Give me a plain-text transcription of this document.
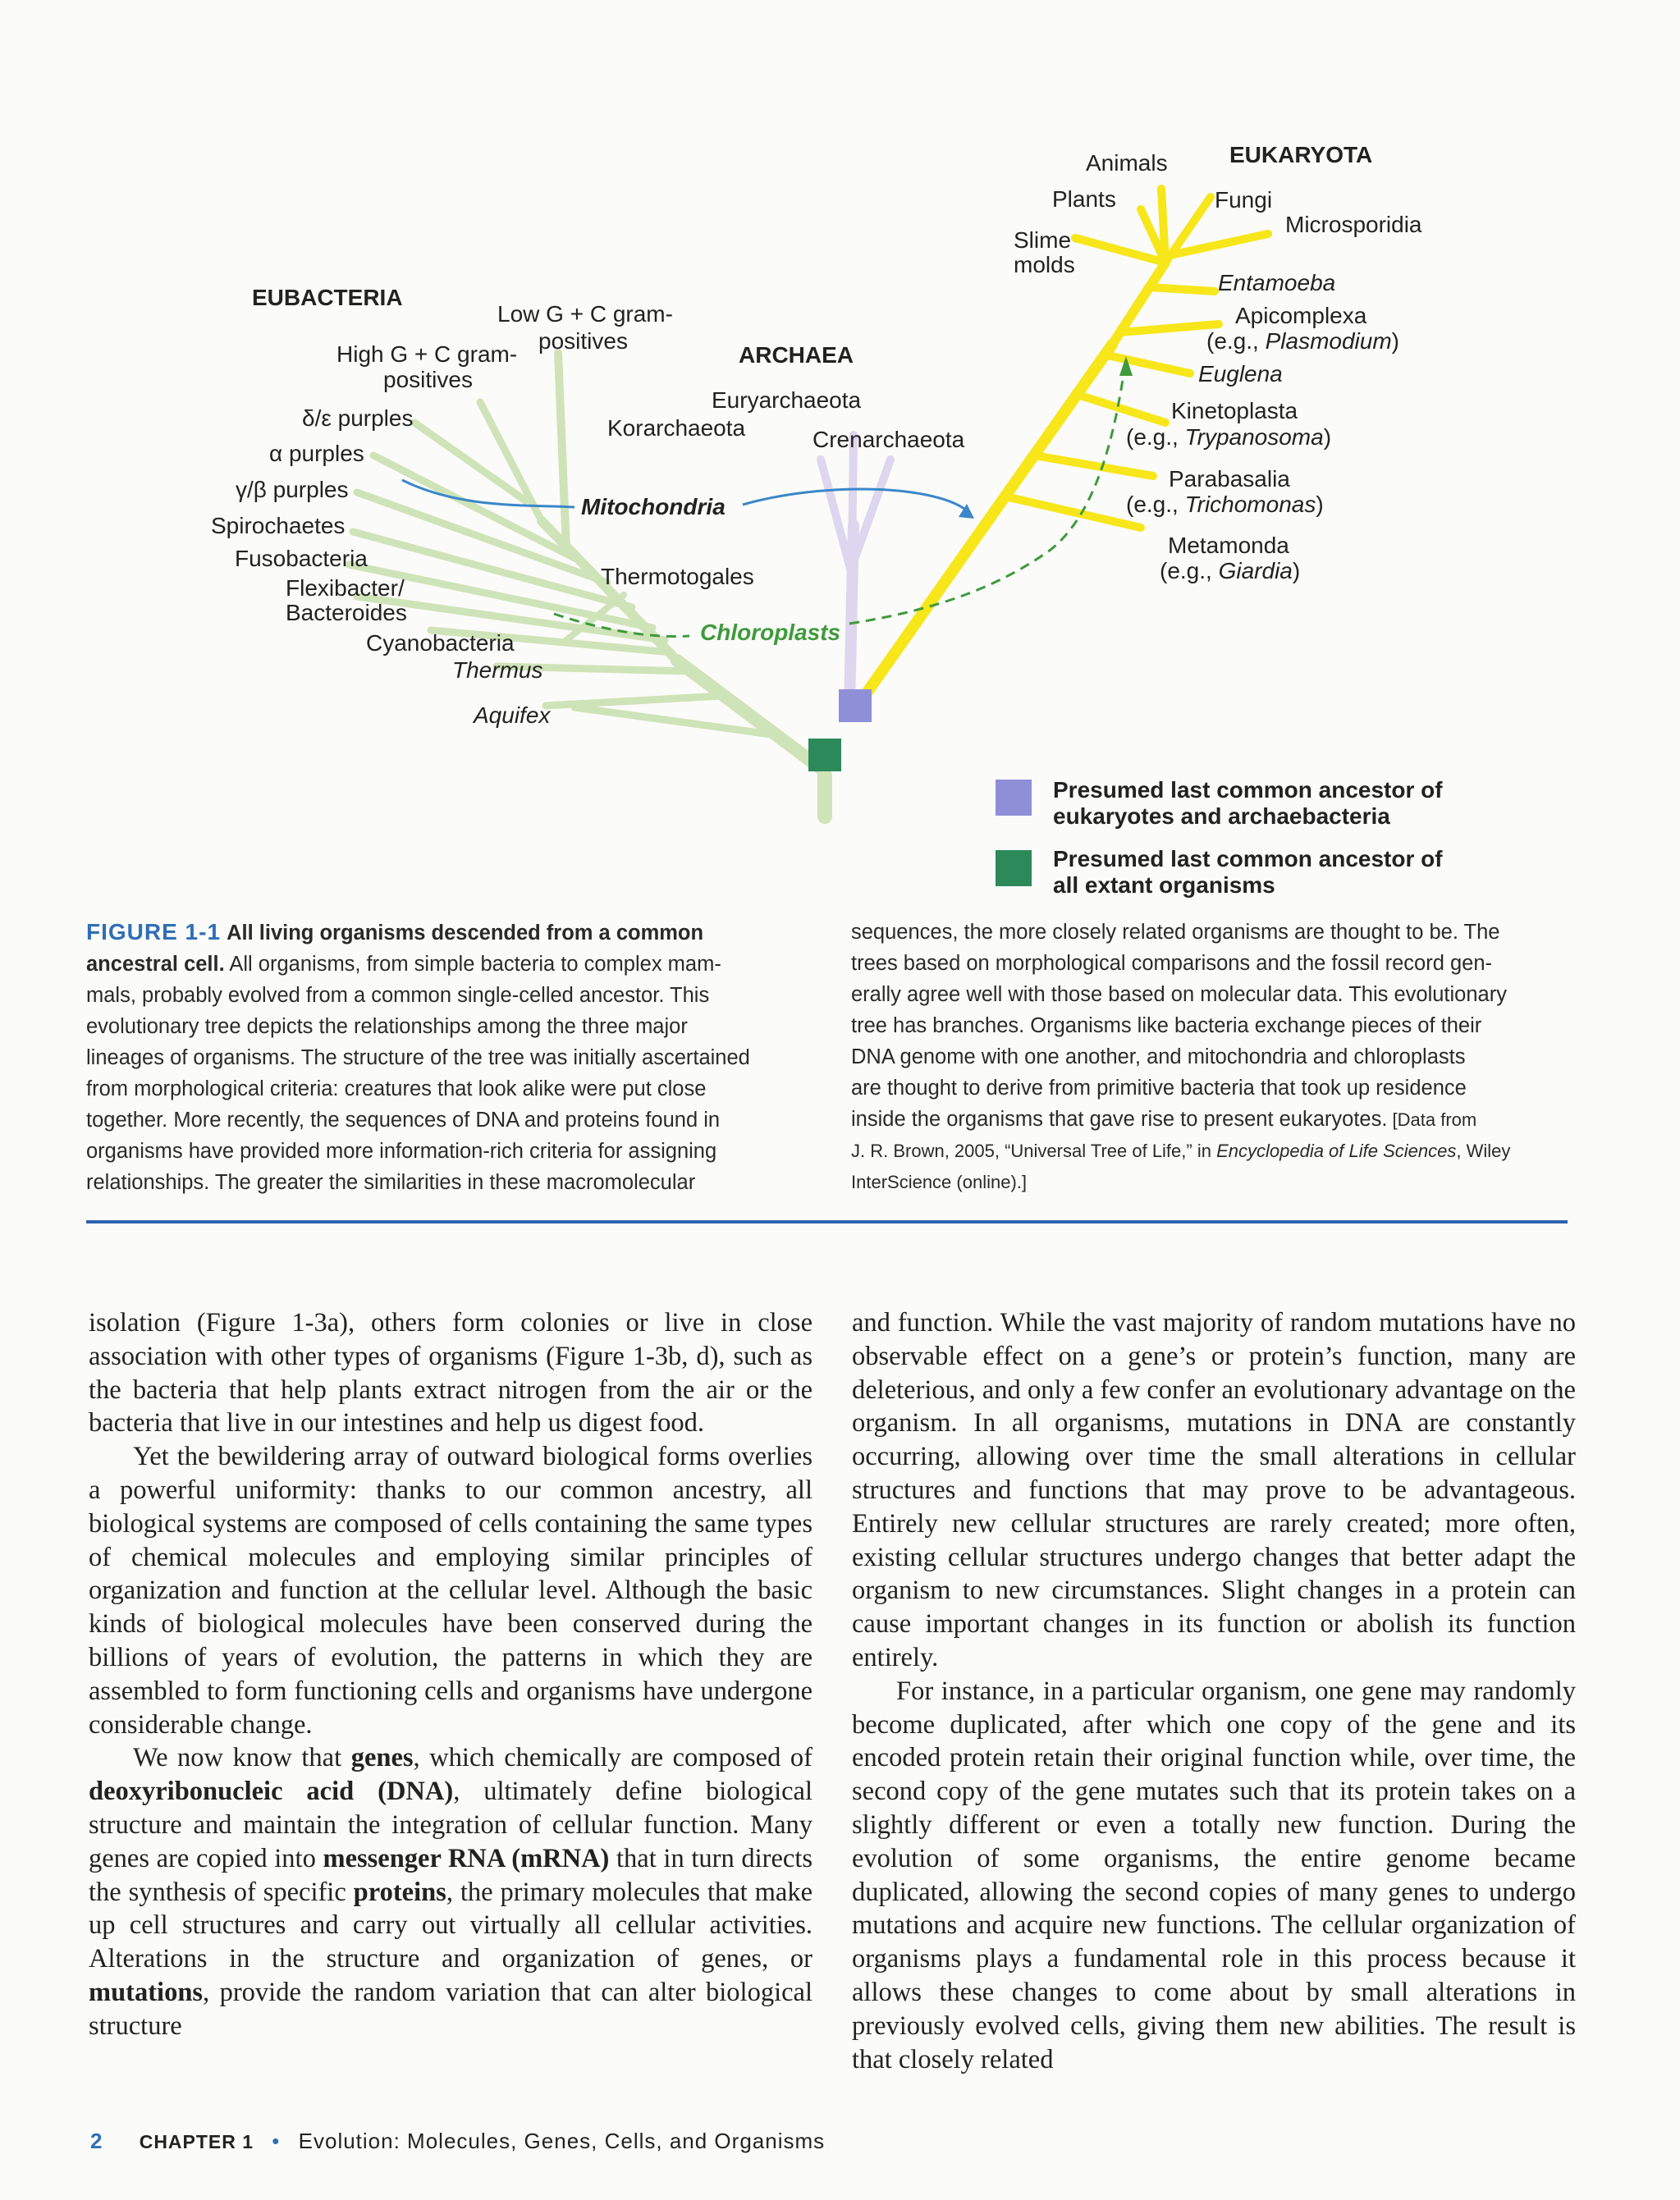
EUBACTERIA
ARCHAEA
EUKARYOTA
Low G + C gram-
positives
High G + C gram-
positives
δ/ε purples
α purples
γ/β purples
Spirochaetes
Fusobacteria
Flexibacter/
Bacteroides
Cyanobacteria
Thermus
Aquifex
Thermotogales
Euryarchaeota
Korarchaeota	Crenarchaeota
Mitochondria
Chloroplasts
Animals
Plants	Fungi
Microsporidia
Slime
molds
Entamoeba
Apicomplexa
(e.g., Plasmodium)
Euglena
Kinetoplasta
(e.g., Trypanosoma)
Parabasalia
(e.g., Trichomonas)
Metamonda
(e.g., Giardia)
Presumed last common ancestor of
eukaryotes and archaebacteria
Presumed last common ancestor of
all extant organisms
FIGURE 1-1 All living organisms descended from a common
ancestral cell. All organisms, from simple bacteria to complex mam-
mals, probably evolved from a common single-celled ancestor. This
evolutionary tree depicts the relationships among the three major
lineages of organisms. The structure of the tree was initially ascertained
from morphological criteria: creatures that look alike were put close
together. More recently, the sequences of DNA and proteins found in
organisms have provided more information-rich criteria for assigning
relationships. The greater the similarities in these macromolecular
sequences, the more closely related organisms are thought to be. The
trees based on morphological comparisons and the fossil record gen-
erally agree well with those based on molecular data. This evolutionary
tree has branches. Organisms like bacteria exchange pieces of their
DNA genome with one another, and mitochondria and chloroplasts
are thought to derive from primitive bacteria that took up residence
inside the organisms that gave rise to present eukaryotes. [Data from
J. R. Brown, 2005, “Universal Tree of Life,” in Encyclopedia of Life Sciences, Wiley
InterScience (online).]

isolation (Figure 1-3a), others form colonies or live in close association with other types of organisms (Figure 1-3b, d), such as the bacteria that help plants extract nitrogen from the air or the bacteria that live in our intestines and help us digest food.

Yet the bewildering array of outward biological forms overlies a powerful uniformity: thanks to our common ancestry, all biological systems are composed of cells containing the same types of chemical molecules and employing similar principles of organization and function at the cellular level. Although the basic kinds of biological molecules have been conserved during the billions of years of evolution, the patterns in which they are assembled to form functioning cells and organisms have undergone considerable change.

We now know that genes, which chemically are composed of deoxyribonucleic acid (DNA), ultimately define biological structure and maintain the integration of cellular function. Many genes are copied into messenger RNA (mRNA) that in turn directs the synthesis of specific proteins, the primary molecules that make up cell structures and carry out virtually all cellular activities. Alterations in the structure and organization of genes, or mutations, provide the random variation that can alter biological structure

and function. While the vast majority of random mutations have no observable effect on a gene’s or protein’s function, many are deleterious, and only a few confer an evolutionary advantage on the organism. In all organisms, mutations in DNA are constantly occurring, allowing over time the small alterations in cellular structures and functions that may prove to be advantageous. Entirely new cellular structures are rarely created; more often, existing cellular structures undergo changes that better adapt the organism to new circumstances. Slight changes in a protein can cause important changes in its function or abolish its function entirely.

For instance, in a particular organism, one gene may randomly become duplicated, after which one copy of the gene and its encoded protein retain their original function while, over time, the second copy of the gene mutates such that its protein takes on a slightly different or even a totally new function. During the evolution of some organisms, the entire genome became duplicated, allowing the second copies of many genes to undergo mutations and acquire new functions. The cellular organization of organisms plays a fundamental role in this process because it allows these changes to come about by small alterations in previously evolved cells, giving them new abilities. The result is that closely related

2 CHAPTER 1 • Evolution: Molecules, Genes, Cells, and Organisms
